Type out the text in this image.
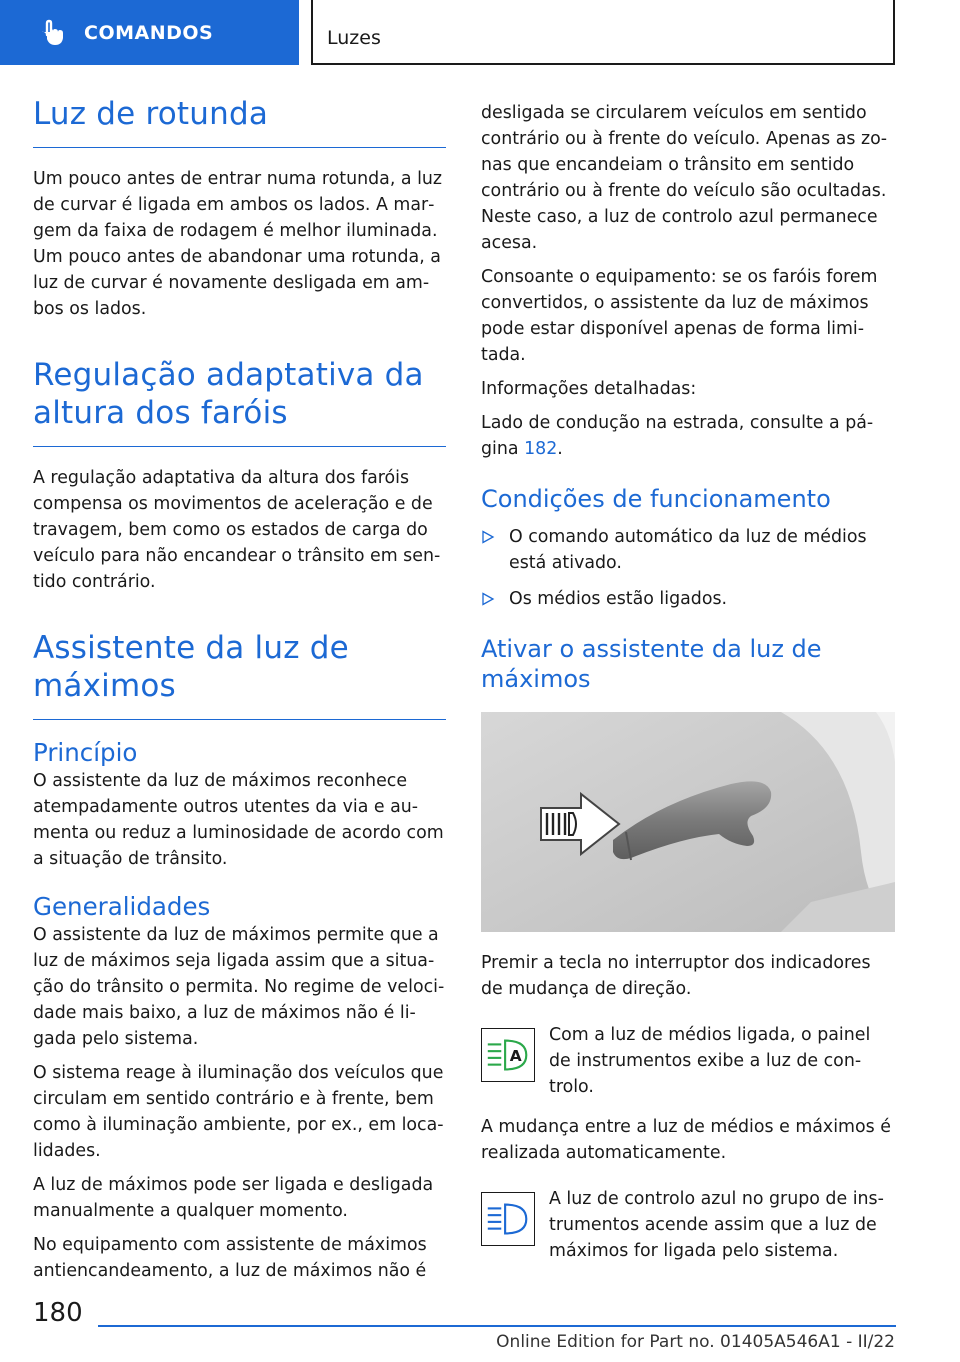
COMANDOS	Luzes
Luz de rotunda

Um pouco antes de entrar numa rotunda, a luz de curvar é ligada em ambos os lados. A mar‐gem da faixa de rodagem é melhor iluminada. Um pouco antes de abandonar uma rotunda, a luz de curvar é novamente desligada em am‐bos os lados.

Regulação adaptativa da altura dos faróis

A regulação adaptativa da altura dos faróis compensa os movimentos de aceleração e de travagem, bem como os estados de carga do veículo para não encandear o trânsito em sen‐tido contrário.

Assistente da luz de máximos
Princípio

O assistente da luz de máximos reconhece atempadamente outros utentes da via e au‐menta ou reduz a luminosidade de acordo com a situação de trânsito.

Generalidades

O assistente da luz de máximos permite que a luz de máximos seja ligada assim que a situa‐ção do trânsito o permita. No regime de veloci‐dade mais baixo, a luz de máximos não é li‐gada pelo sistema.

O sistema reage à iluminação dos veículos que circulam em sentido contrário e à frente, bem como à iluminação ambiente, por ex., em loca‐lidades.

A luz de máximos pode ser ligada e desligada manualmente a qualquer momento.

No equipamento com assistente de máximos antiencandeamento, a luz de máximos não é

desligada se circularem veículos em sentido contrário ou à frente do veículo. Apenas as zo‐nas que encandeiam o trânsito em sentido contrário ou à frente do veículo são ocultadas. Neste caso, a luz de controlo azul permanece acesa.

Consoante o equipamento: se os faróis forem convertidos, o assistente da luz de máximos pode estar disponível apenas de forma limi‐tada.

Informações detalhadas:

Lado de condução na estrada, consulte a pá‐gina 182.

Condições de funcionamento
O comando automático da luz de médios está ativado.
Os médios estão ligados.
Ativar o assistente da luz de máximos

Premir a tecla no interruptor dos indicadores de mudança de direção.

A

Com a luz de médios ligada, o painel de instrumentos exibe a luz de con‐trolo.

A mudança entre a luz de médios e máximos é realizada automaticamente.

A luz de controlo azul no grupo de ins‐trumentos acende assim que a luz de máximos for ligada pelo sistema.

180
Online Edition for Part no. 01405A546A1 - II/22
